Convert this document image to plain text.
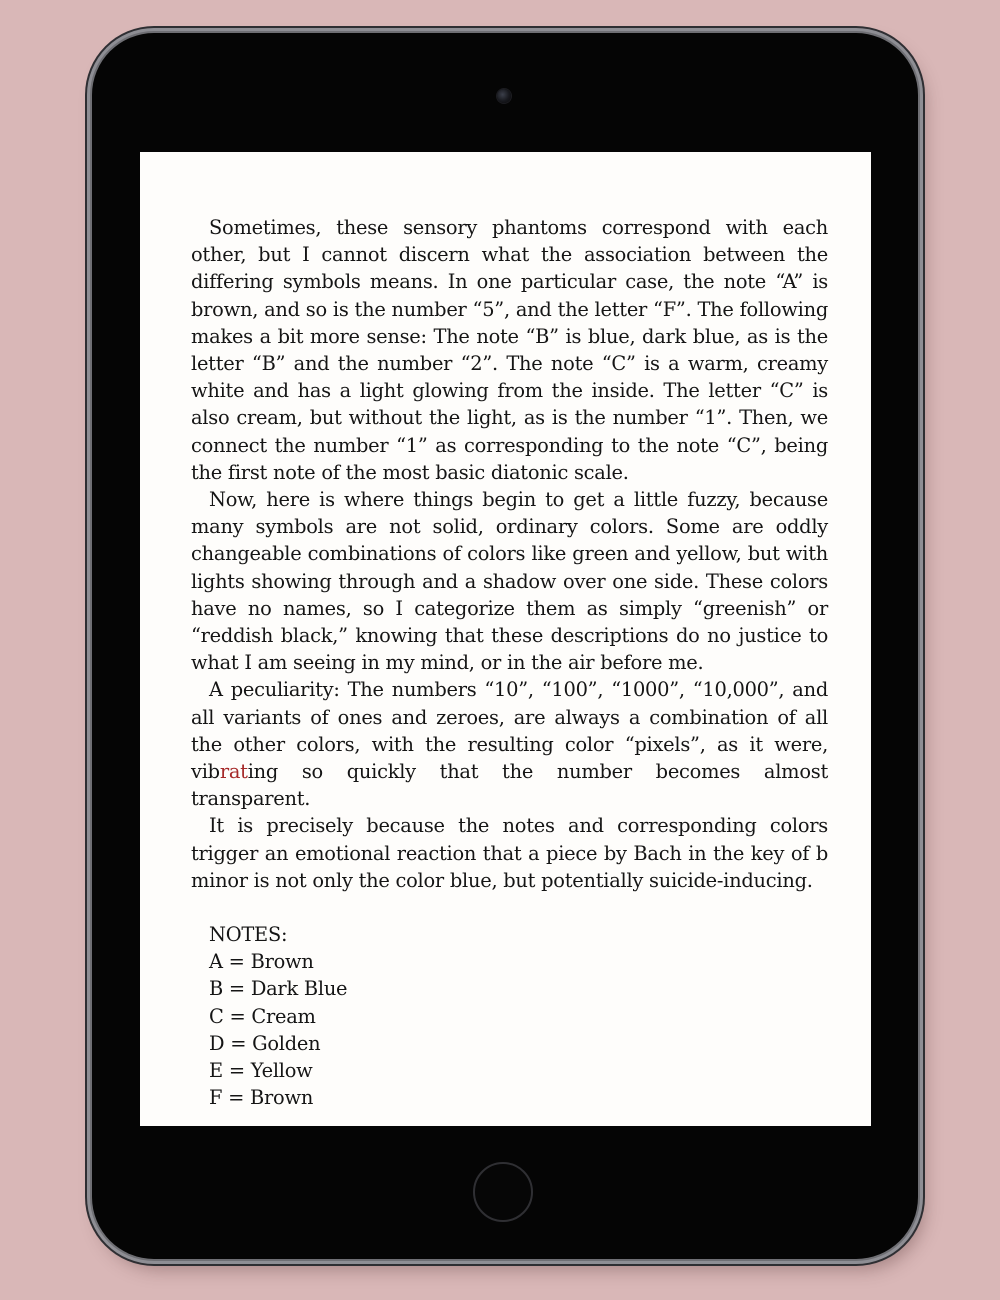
Sometimes, these sensory phantoms correspond with each other, but I cannot discern what the association between the differing symbols means. In one particular case, the note “A” is brown, and so is the number “5”, and the letter “F”. The following makes a bit more sense: The note “B” is blue, dark blue, as is the letter “B” and the number “2”. The note “C” is a warm, creamy white and has a light glowing from the inside. The letter “C” is also cream, but without the light, as is the number “1”. Then, we connect the number “1” as corresponding to the note “C”, being the first note of the most basic diatonic scale.

Now, here is where things begin to get a little fuzzy, because many symbols are not solid, ordinary colors. Some are oddly changeable combinations of colors like green and yellow, but with lights showing through and a shadow over one side. These colors have no names, so I categorize them as simply “greenish” or “reddish black,” knowing that these descriptions do no justice to what I am seeing in my mind, or in the air before me.

A peculiarity: The numbers “10”, “100”, “1000”, “10,000”, and all variants of ones and zeroes, are always a combination of all the other colors, with the resulting color “pixels”, as it were, vibrating so quickly that the number becomes almost transparent.

It is precisely because the notes and corresponding colors trigger an emotional reaction that a piece by Bach in the key of b minor is not only the color blue, but potentially suicide-inducing.

NOTES:
A = Brown
B = Dark Blue
C = Cream
D = Golden
E = Yellow
F = Brown
